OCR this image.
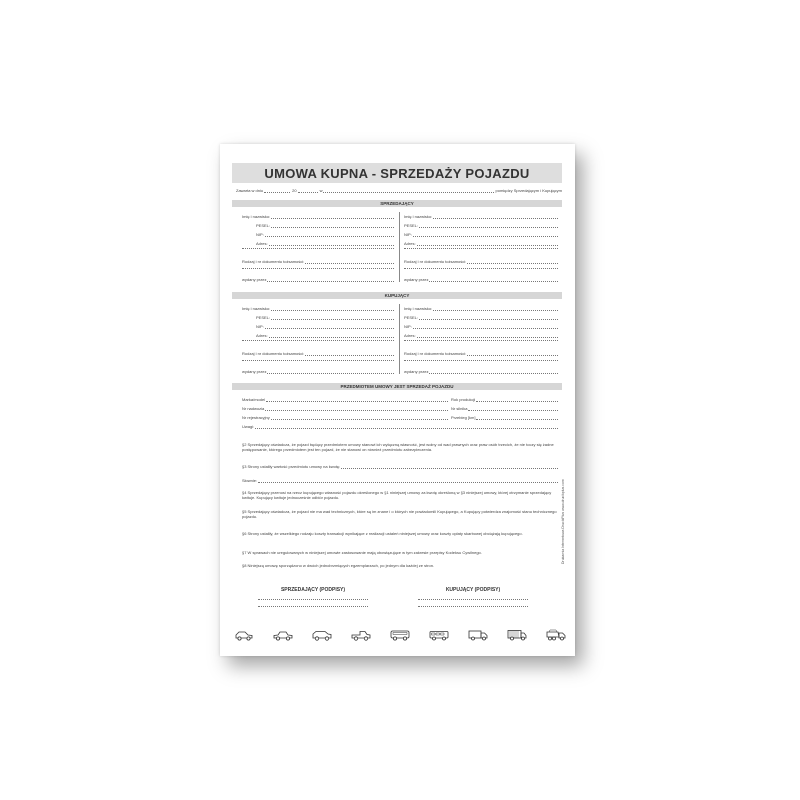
UMOWA KUPNA - SPRZEDAŻY POJAZDU
Zawarta w dniu	20	w	pomiędzy Sprzedającym i Kupującym
SPRZEDAJĄCY
Imię i nazwisko:
PESEL:
NIP:
Adres:
Rodzaj i nr dokumentu tożsamości:
wydany przez
Imię i nazwisko:
PESEL:
NIP:
Adres:
Rodzaj i nr dokumentu tożsamości:
wydany przez
KUPUJĄCY
Imię i nazwisko:
PESEL:
NIP:
Adres:
Rodzaj i nr dokumentu tożsamości:
wydany przez
Imię i nazwisko:
PESEL:
NIP:
Adres:
Rodzaj i nr dokumentu tożsamości:
wydany przez
PRZEDMIOTEM UMOWY JEST SPRZEDAŻ POJAZDU
Marka/model	Rok produkcji
Nr nadwozia	Nr silnika
Nr rejestracyjny	Przebieg [km]
Uwagi:
§2 Sprzedający oświadcza, że pojazd będący przedmiotem umowy stanowi ich wyłączną własność, jest wolny od wad prawnych oraz praw osób trzecich, że nie toczy się żadne postępowanie, którego przedmiotem jest ten pojazd, że nie stanowi on również przedmiotu zabezpieczenia.
§3 Strony ustaliły wartość przedmiotu umowy na kwotę:
Słownie:
§4 Sprzedający przenosi na rzecz kupującego własność pojazdu określonego w §1 niniejszej umowy za kwotę określoną w §3 niniejszej umowy, której otrzymanie sprzedający kwituje. Kupujący kwituje jednocześnie odbiór pojazdu.
§5 Sprzedający oświadcza, że pojazd nie ma wad technicznych, które są im znane i o których nie powiadomili Kupującego, a Kupujący potwierdza znajomość stanu technicznego pojazdu.
§6 Strony ustaliły, że wszelkiego rodzaju koszty transakcji wynikające z realizacji ustaleń niniejszej umowy oraz koszty opłaty skarbowej obciążają kupującego.
§7 W sprawach nie uregulowanych w niniejszej umowie zastosowanie mają obowiązujące w tym zakresie przepisy Kodeksu Cywilnego.
§8 Niniejszą umowę sporządzono w dwóch jednobrzmiących egzemplarzach, po jednym dla każdej ze stron.
SPRZEDAJĄCY (PODPISY)	KUPUJĄCY (PODPISY)
Drukarnia Internetowa DrucikPlus www.drucikplus.com
